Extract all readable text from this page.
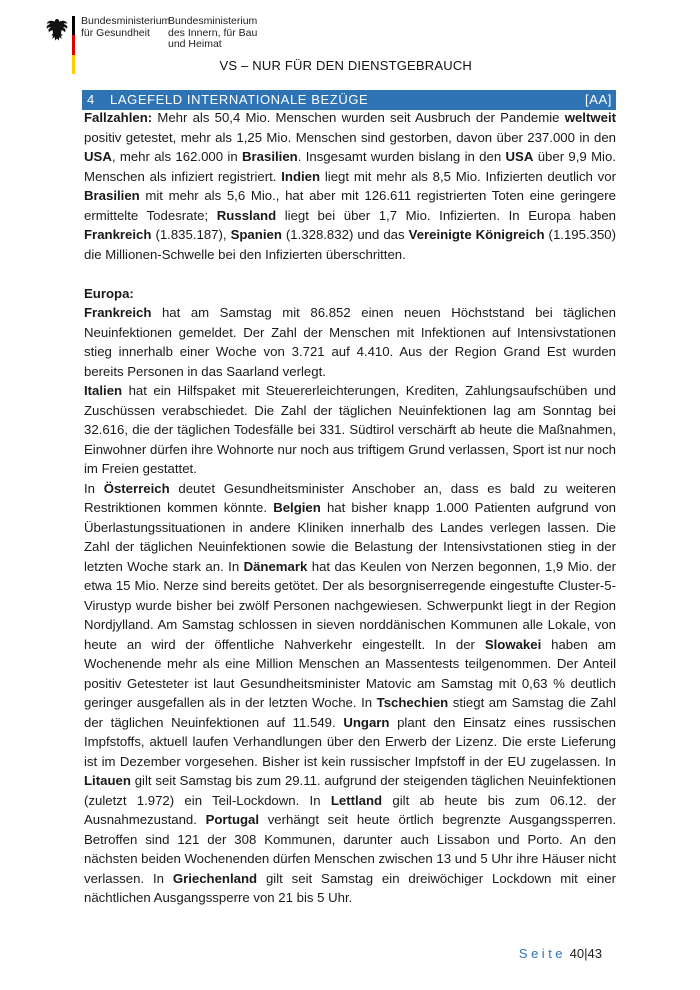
Bundesministerium
für Gesundheit
Bundesministerium
des Innern, für Bau
und Heimat
VS – NUR FÜR DEN DIENSTGEBRAUCH
4 LAGEFELD INTERNATIONALE BEZÜGE	[AA]

Fallzahlen: Mehr als 50,4 Mio. Menschen wurden seit Ausbruch der Pandemie weltweit positiv getestet, mehr als 1,25 Mio. Menschen sind gestorben, davon über 237.000 in den USA, mehr als 162.000 in Brasilien. Insgesamt wurden bislang in den USA über 9,9 Mio. Menschen als infiziert registriert. Indien liegt mit mehr als 8,5 Mio. Infizierten deutlich vor Brasilien mit mehr als 5,6 Mio., hat aber mit 126.611 registrierten Toten eine geringere ermittelte Todesrate; Russland liegt bei über 1,7 Mio. Infizierten. In Europa haben Frankreich (1.835.187), Spanien (1.328.832) und das Vereinigte Königreich (1.195.350) die Millionen-Schwelle bei den Infizierten überschritten.

Europa:

Frankreich hat am Samstag mit 86.852 einen neuen Höchststand bei täglichen Neuinfektionen gemeldet. Der Zahl der Menschen mit Infektionen auf Intensivstationen stieg innerhalb einer Woche von 3.721 auf 4.410. Aus der Region Grand Est wurden bereits Personen in das Saarland verlegt.

Italien hat ein Hilfspaket mit Steuererleichterungen, Krediten, Zahlungsaufschüben und Zuschüssen verabschiedet. Die Zahl der täglichen Neuinfektionen lag am Sonntag bei 32.616, die der täglichen Todesfälle bei 331. Südtirol verschärft ab heute die Maßnahmen, Einwohner dürfen ihre Wohnorte nur noch aus triftigem Grund verlassen, Sport ist nur noch im Freien gestattet.

In Österreich deutet Gesundheitsminister Anschober an, dass es bald zu weiteren Restriktionen kommen könnte. Belgien hat bisher knapp 1.000 Patienten aufgrund von Überlastungssituationen in andere Kliniken innerhalb des Landes verlegen lassen. Die Zahl der täglichen Neuinfektionen sowie die Belastung der Intensivstationen stieg in der letzten Woche stark an. In Dänemark hat das Keulen von Nerzen begonnen, 1,9 Mio. der etwa 15 Mio. Nerze sind bereits getötet. Der als besorgniserregende eingestufte Cluster-5-Virustyp wurde bisher bei zwölf Personen nachgewiesen. Schwerpunkt liegt in der Region Nordjylland. Am Samstag schlossen in sieven norddänischen Kommunen alle Lokale, von heute an wird der öffentliche Nahverkehr eingestellt. In der Slowakei haben am Wochenende mehr als eine Million Menschen an Massentests teilgenommen. Der Anteil positiv Getesteter ist laut Gesundheitsminister Matovic am Samstag mit 0,63 % deutlich geringer ausgefallen als in der letzten Woche. In Tschechien stiegt am Samstag die Zahl der täglichen Neuinfektionen auf 11.549. Ungarn plant den Einsatz eines russischen Impfstoffs, aktuell laufen Verhandlungen über den Erwerb der Lizenz. Die erste Lieferung ist im Dezember vorgesehen. Bisher ist kein russischer Impfstoff in der EU zugelassen. In Litauen gilt seit Samstag bis zum 29.11. aufgrund der steigenden täglichen Neuinfektionen (zuletzt 1.972) ein Teil-Lockdown. In Lettland gilt ab heute bis zum 06.12. der Ausnahmezustand. Portugal verhängt seit heute örtlich begrenzte Ausgangssperren. Betroffen sind 121 der 308 Kommunen, darunter auch Lissabon und Porto. An den nächsten beiden Wochenenden dürfen Menschen zwischen 13 und 5 Uhr ihre Häuser nicht verlassen. In Griechenland gilt seit Samstag ein dreiwöchiger Lockdown mit einer nächtlichen Ausgangssperre von 21 bis 5 Uhr.

Seite 40|43
